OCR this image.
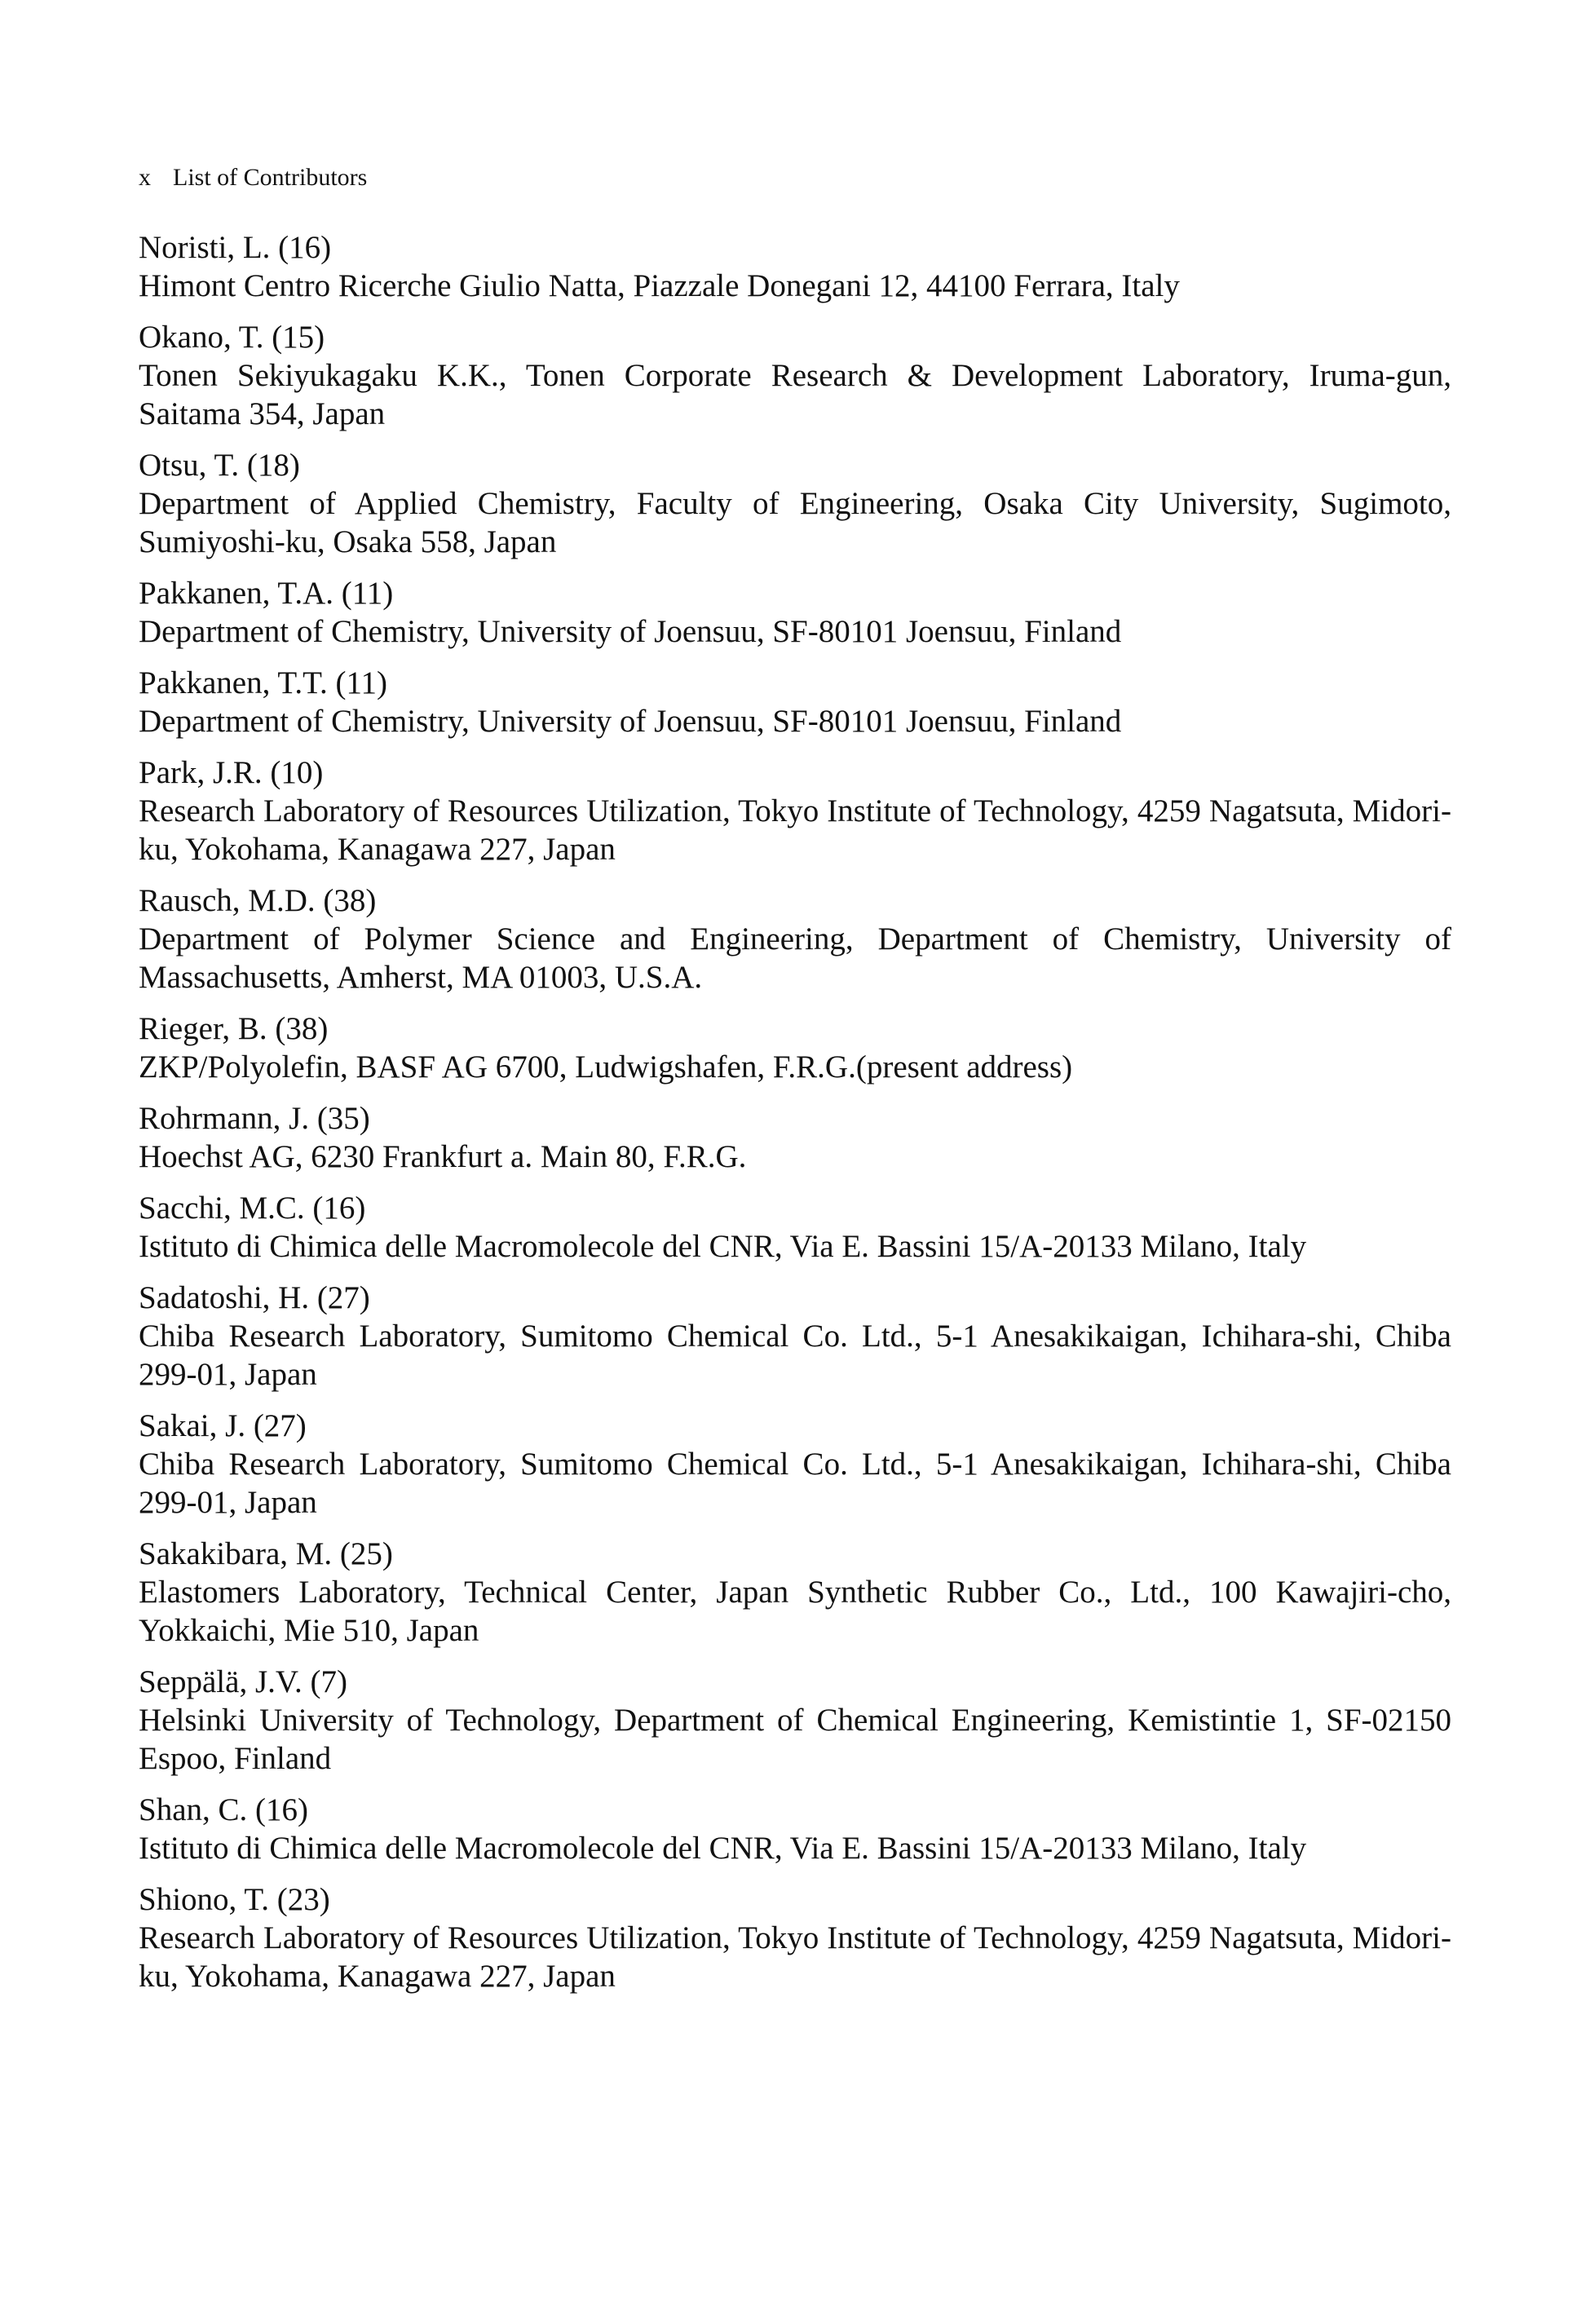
x List of Contributors
Noristi, L. (16)
Himont Centro Ricerche Giulio Natta, Piazzale Donegani 12, 44100 Ferrara, Italy
Okano, T. (15)
Tonen Sekiyukagaku K.K., Tonen Corporate Research & Development Laboratory, Iruma-gun, Saitama 354, Japan
Otsu, T. (18)
Department of Applied Chemistry, Faculty of Engineering, Osaka City University, Sugimoto, Sumiyoshi-ku, Osaka 558, Japan
Pakkanen, T.A. (11)
Department of Chemistry, University of Joensuu, SF-80101 Joensuu, Finland
Pakkanen, T.T. (11)
Department of Chemistry, University of Joensuu, SF-80101 Joensuu, Finland
Park, J.R. (10)
Research Laboratory of Resources Utilization, Tokyo Institute of Technology, 4259 Nagatsuta, Midori-ku, Yokohama, Kanagawa 227, Japan
Rausch, M.D. (38)
Department of Polymer Science and Engineering, Department of Chemistry, University of Massachusetts, Amherst, MA 01003, U.S.A.
Rieger, B. (38)
ZKP/Polyolefin, BASF AG 6700, Ludwigshafen, F.R.G.(present address)
Rohrmann, J. (35)
Hoechst AG, 6230 Frankfurt a. Main 80, F.R.G.
Sacchi, M.C. (16)
Istituto di Chimica delle Macromolecole del CNR, Via E. Bassini 15/A-20133 Milano, Italy
Sadatoshi, H. (27)
Chiba Research Laboratory, Sumitomo Chemical Co. Ltd., 5-1 Anesakikaigan, Ichihara-shi, Chiba 299-01, Japan
Sakai, J. (27)
Chiba Research Laboratory, Sumitomo Chemical Co. Ltd., 5-1 Anesakikaigan, Ichihara-shi, Chiba 299-01, Japan
Sakakibara, M. (25)
Elastomers Laboratory, Technical Center, Japan Synthetic Rubber Co., Ltd., 100 Kawajiri-cho, Yokkaichi, Mie 510, Japan
Seppälä, J.V. (7)
Helsinki University of Technology, Department of Chemical Engineering, Kemistintie 1, SF-02150 Espoo, Finland
Shan, C. (16)
Istituto di Chimica delle Macromolecole del CNR, Via E. Bassini 15/A-20133 Milano, Italy
Shiono, T. (23)
Research Laboratory of Resources Utilization, Tokyo Institute of Technology, 4259 Nagatsuta, Midori-ku, Yokohama, Kanagawa 227, Japan
